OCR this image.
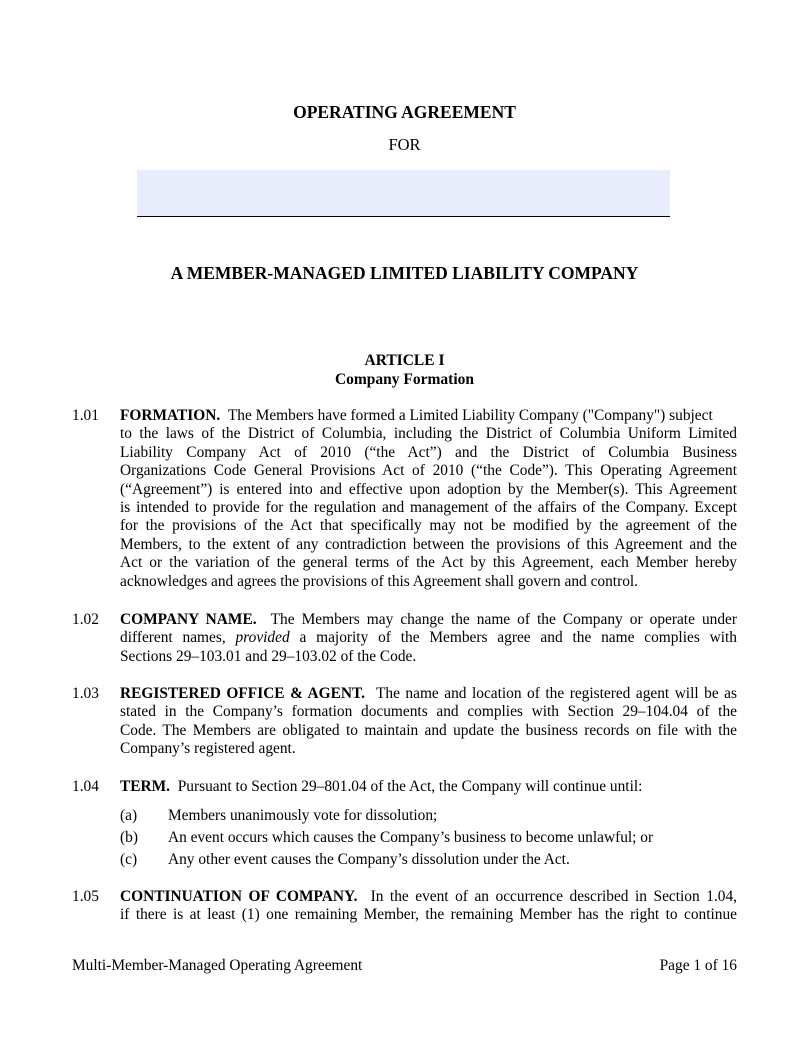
OPERATING AGREEMENT
FOR
A MEMBER-MANAGED LIMITED LIABILITY COMPANY
ARTICLE I
Company Formation
1.01 FORMATION. The Members have formed a Limited Liability Company ("Company") subject
to the laws of the District of Columbia, including the District of Columbia Uniform Limited
Liability Company Act of 2010 (“the Act”) and the District of Columbia Business
Organizations Code General Provisions Act of 2010 (“the Code”). This Operating Agreement
(“Agreement”) is entered into and effective upon adoption by the Member(s). This Agreement
is intended to provide for the regulation and management of the affairs of the Company. Except
for the provisions of the Act that specifically may not be modified by the agreement of the
Members, to the extent of any contradiction between the provisions of this Agreement and the
Act or the variation of the general terms of the Act by this Agreement, each Member hereby
acknowledges and agrees the provisions of this Agreement shall govern and control.
1.02 COMPANY NAME. The Members may change the name of the Company or operate under
different names, provided a majority of the Members agree and the name complies with
Sections 29–103.01 and 29–103.02 of the Code.
1.03 REGISTERED OFFICE & AGENT. The name and location of the registered agent will be as
stated in the Company’s formation documents and complies with Section 29–104.04 of the
Code. The Members are obligated to maintain and update the business records on file with the
Company’s registered agent.
1.04 TERM. Pursuant to Section 29–801.04 of the Act, the Company will continue until:
(a) Members unanimously vote for dissolution;
(b) An event occurs which causes the Company’s business to become unlawful; or
(c) Any other event causes the Company’s dissolution under the Act.
1.05 CONTINUATION OF COMPANY. In the event of an occurrence described in Section 1.04,
if there is at least (1) one remaining Member, the remaining Member has the right to continue
Multi-Member-Managed Operating Agreement	Page 1 of 16
